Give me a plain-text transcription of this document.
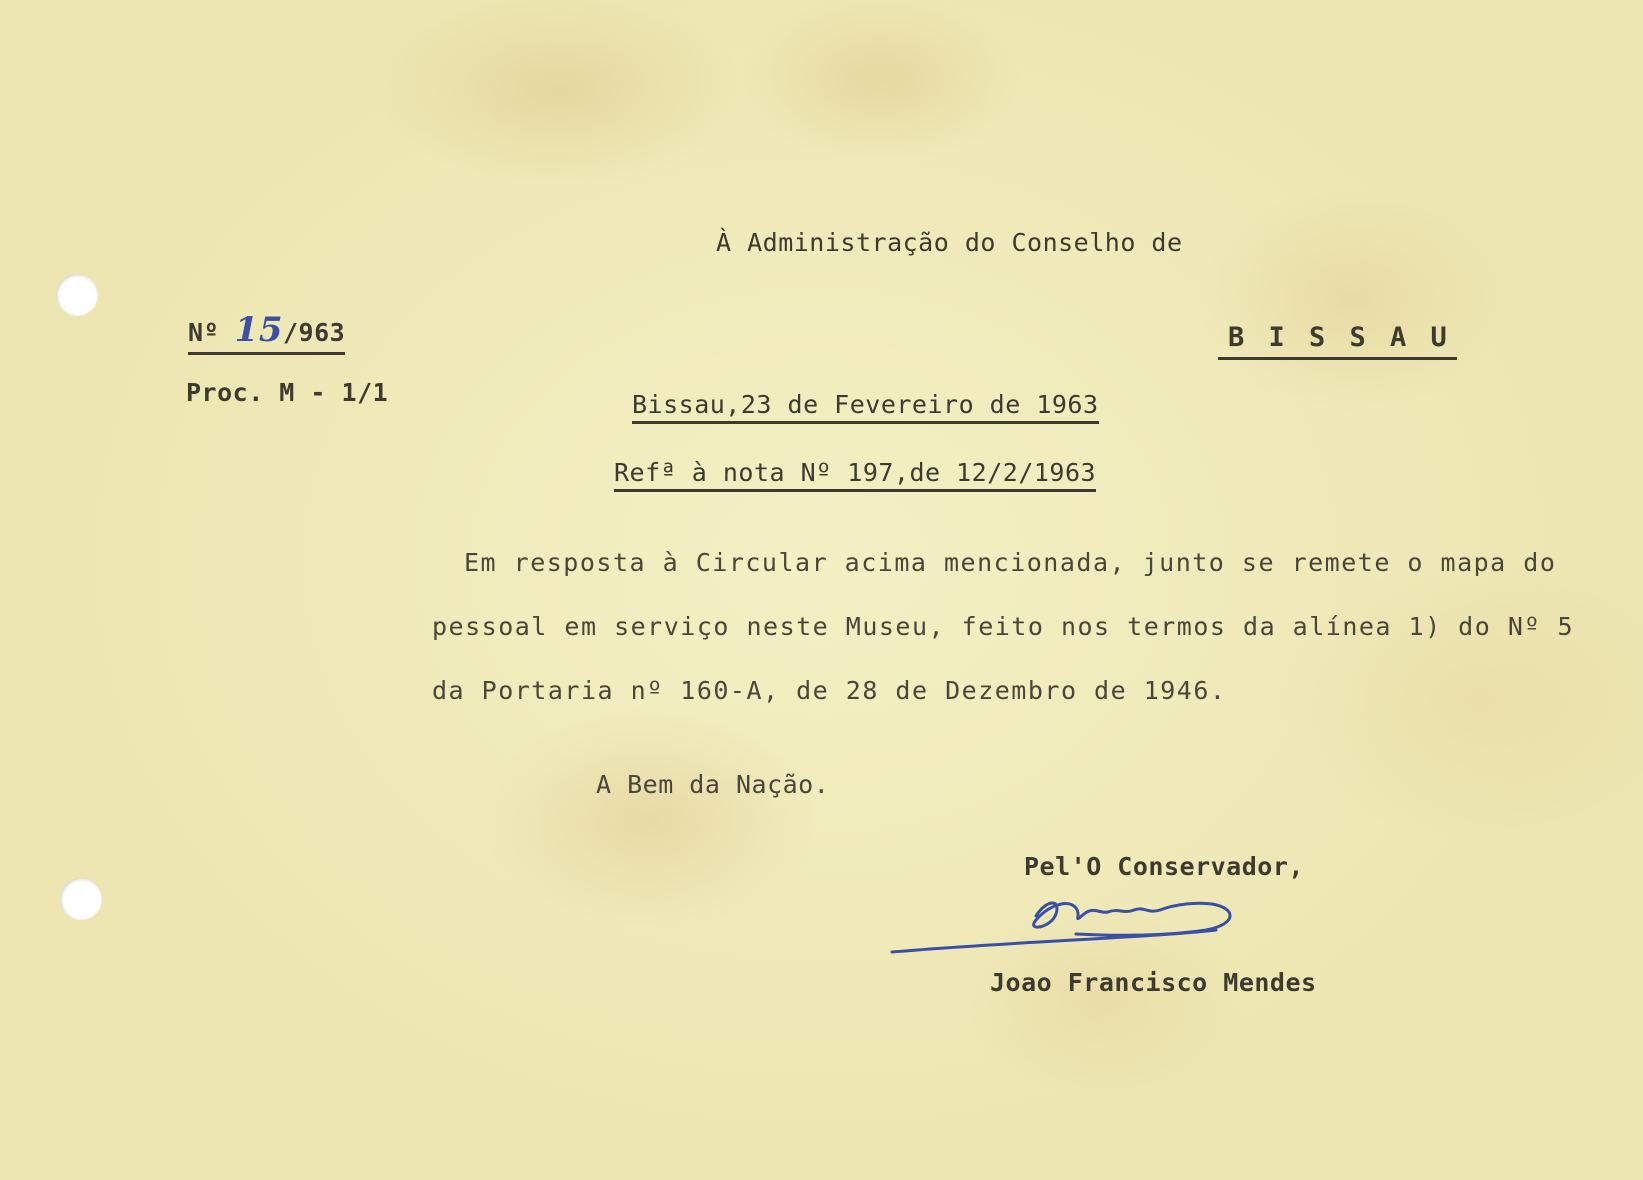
À Administração do Conselho de
Nº 15/963
Proc. M - 1/1
B I S S A U
Bissau,23 de Fevereiro de 1963
Refª à nota Nº 197,de 12/2/1963
Em resposta à Circular acima mencionada, junto se remete o mapa do
pessoal em serviço neste Museu, feito nos termos da alínea 1) do Nº 5
da Portaria nº 160-A, de 28 de Dezembro de 1946.
A Bem da Nação.
Pel'O Conservador,
Joao Francisco Mendes
